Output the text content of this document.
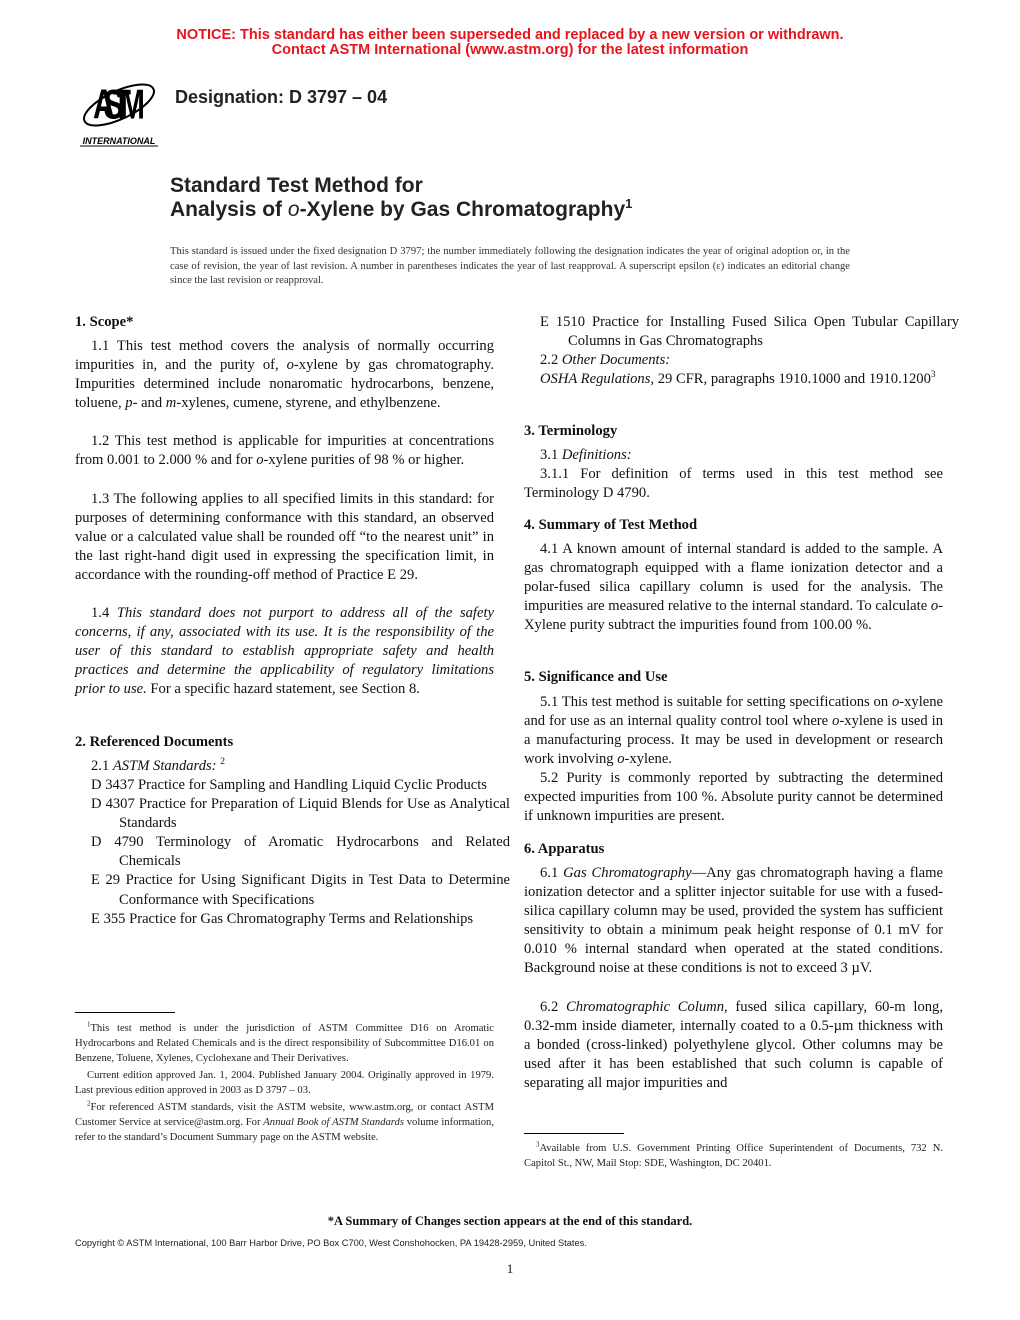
NOTICE: This standard has either been superseded and replaced by a new version or withdrawn.
Contact ASTM International (www.astm.org) for the latest information
ASTM
INTERNATIONAL
Designation: D 3797 – 04
Standard Test Method for
Analysis of o-Xylene by Gas Chromatography$^1$
This standard is issued under the fixed designation D 3797; the number immediately following the designation indicates the year of original adoption or, in the case of revision, the year of last revision. A number in parentheses indicates the year of last reapproval. A superscript epsilon (ε) indicates an editorial change since the last revision or reapproval.
1. Scope*
1.1 This test method covers the analysis of normally occurring impurities in, and the purity of, o-xylene by gas chromatography. Impurities determined include nonaromatic hydrocarbons, benzene, toluene, p- and m-xylenes, cumene, styrene, and ethylbenzene.
1.2 This test method is applicable for impurities at concentrations from 0.001 to 2.000 % and for o-xylene purities of 98 % or higher.
1.3 The following applies to all specified limits in this standard: for purposes of determining conformance with this standard, an observed value or a calculated value shall be rounded off “to the nearest unit” in the last right-hand digit used in expressing the specification limit, in accordance with the rounding-off method of Practice E 29.
1.4 This standard does not purport to address all of the safety concerns, if any, associated with its use. It is the responsibility of the user of this standard to establish appropriate safety and health practices and determine the applicability of regulatory limitations prior to use. For a specific hazard statement, see Section 8.
2. Referenced Documents
2.1 ASTM Standards: $^2$
D 3437 Practice for Sampling and Handling Liquid Cyclic Products
D 4307 Practice for Preparation of Liquid Blends for Use as Analytical Standards
D 4790 Terminology of Aromatic Hydrocarbons and Related Chemicals
E 29 Practice for Using Significant Digits in Test Data to Determine Conformance with Specifications
E 355 Practice for Gas Chromatography Terms and Relationships
E 1510 Practice for Installing Fused Silica Open Tubular Capillary Columns in Gas Chromatographs
2.2 Other Documents:
OSHA Regulations, 29 CFR, paragraphs 1910.1000 and 1910.1200$^3$
3. Terminology
3.1 Definitions:
3.1.1 For definition of terms used in this test method see Terminology D 4790.
4. Summary of Test Method
4.1 A known amount of internal standard is added to the sample. A gas chromatograph equipped with a flame ionization detector and a polar-fused silica capillary column is used for the analysis. The impurities are measured relative to the internal standard. To calculate o-Xylene purity subtract the impurities found from 100.00 %.
5. Significance and Use
5.1 This test method is suitable for setting specifications on o-xylene and for use as an internal quality control tool where o-xylene is used in a manufacturing process. It may be used in development or research work involving o-xylene.
5.2 Purity is commonly reported by subtracting the determined expected impurities from 100 %. Absolute purity cannot be determined if unknown impurities are present.
6. Apparatus
6.1 Gas Chromatography—Any gas chromatograph having a flame ionization detector and a splitter injector suitable for use with a fused-silica capillary column may be used, provided the system has sufficient sensitivity to obtain a minimum peak height response of 0.1 mV for 0.010 % internal standard when operated at the stated conditions. Background noise at these conditions is not to exceed 3 µV.
6.2 Chromatographic Column, fused silica capillary, 60-m long, 0.32-mm inside diameter, internally coated to a 0.5-µm thickness with a bonded (cross-linked) polyethylene glycol. Other columns may be used after it has been established that such column is capable of separating all major impurities and
$^1$This test method is under the jurisdiction of ASTM Committee D16 on Aromatic Hydrocarbons and Related Chemicals and is the direct responsibility of Subcommittee D16.01 on Benzene, Toluene, Xylenes, Cyclohexane and Their Derivatives.
Current edition approved Jan. 1, 2004. Published January 2004. Originally approved in 1979. Last previous edition approved in 2003 as D 3797 – 03.
$^2$For referenced ASTM standards, visit the ASTM website, www.astm.org, or contact ASTM Customer Service at service@astm.org. For Annual Book of ASTM Standards volume information, refer to the standard’s Document Summary page on the ASTM website.
$^3$Available from U.S. Government Printing Office Superintendent of Documents, 732 N. Capitol St., NW, Mail Stop: SDE, Washington, DC 20401.
*A Summary of Changes section appears at the end of this standard.
Copyright © ASTM International, 100 Barr Harbor Drive, PO Box C700, West Conshohocken, PA 19428-2959, United States.
1
